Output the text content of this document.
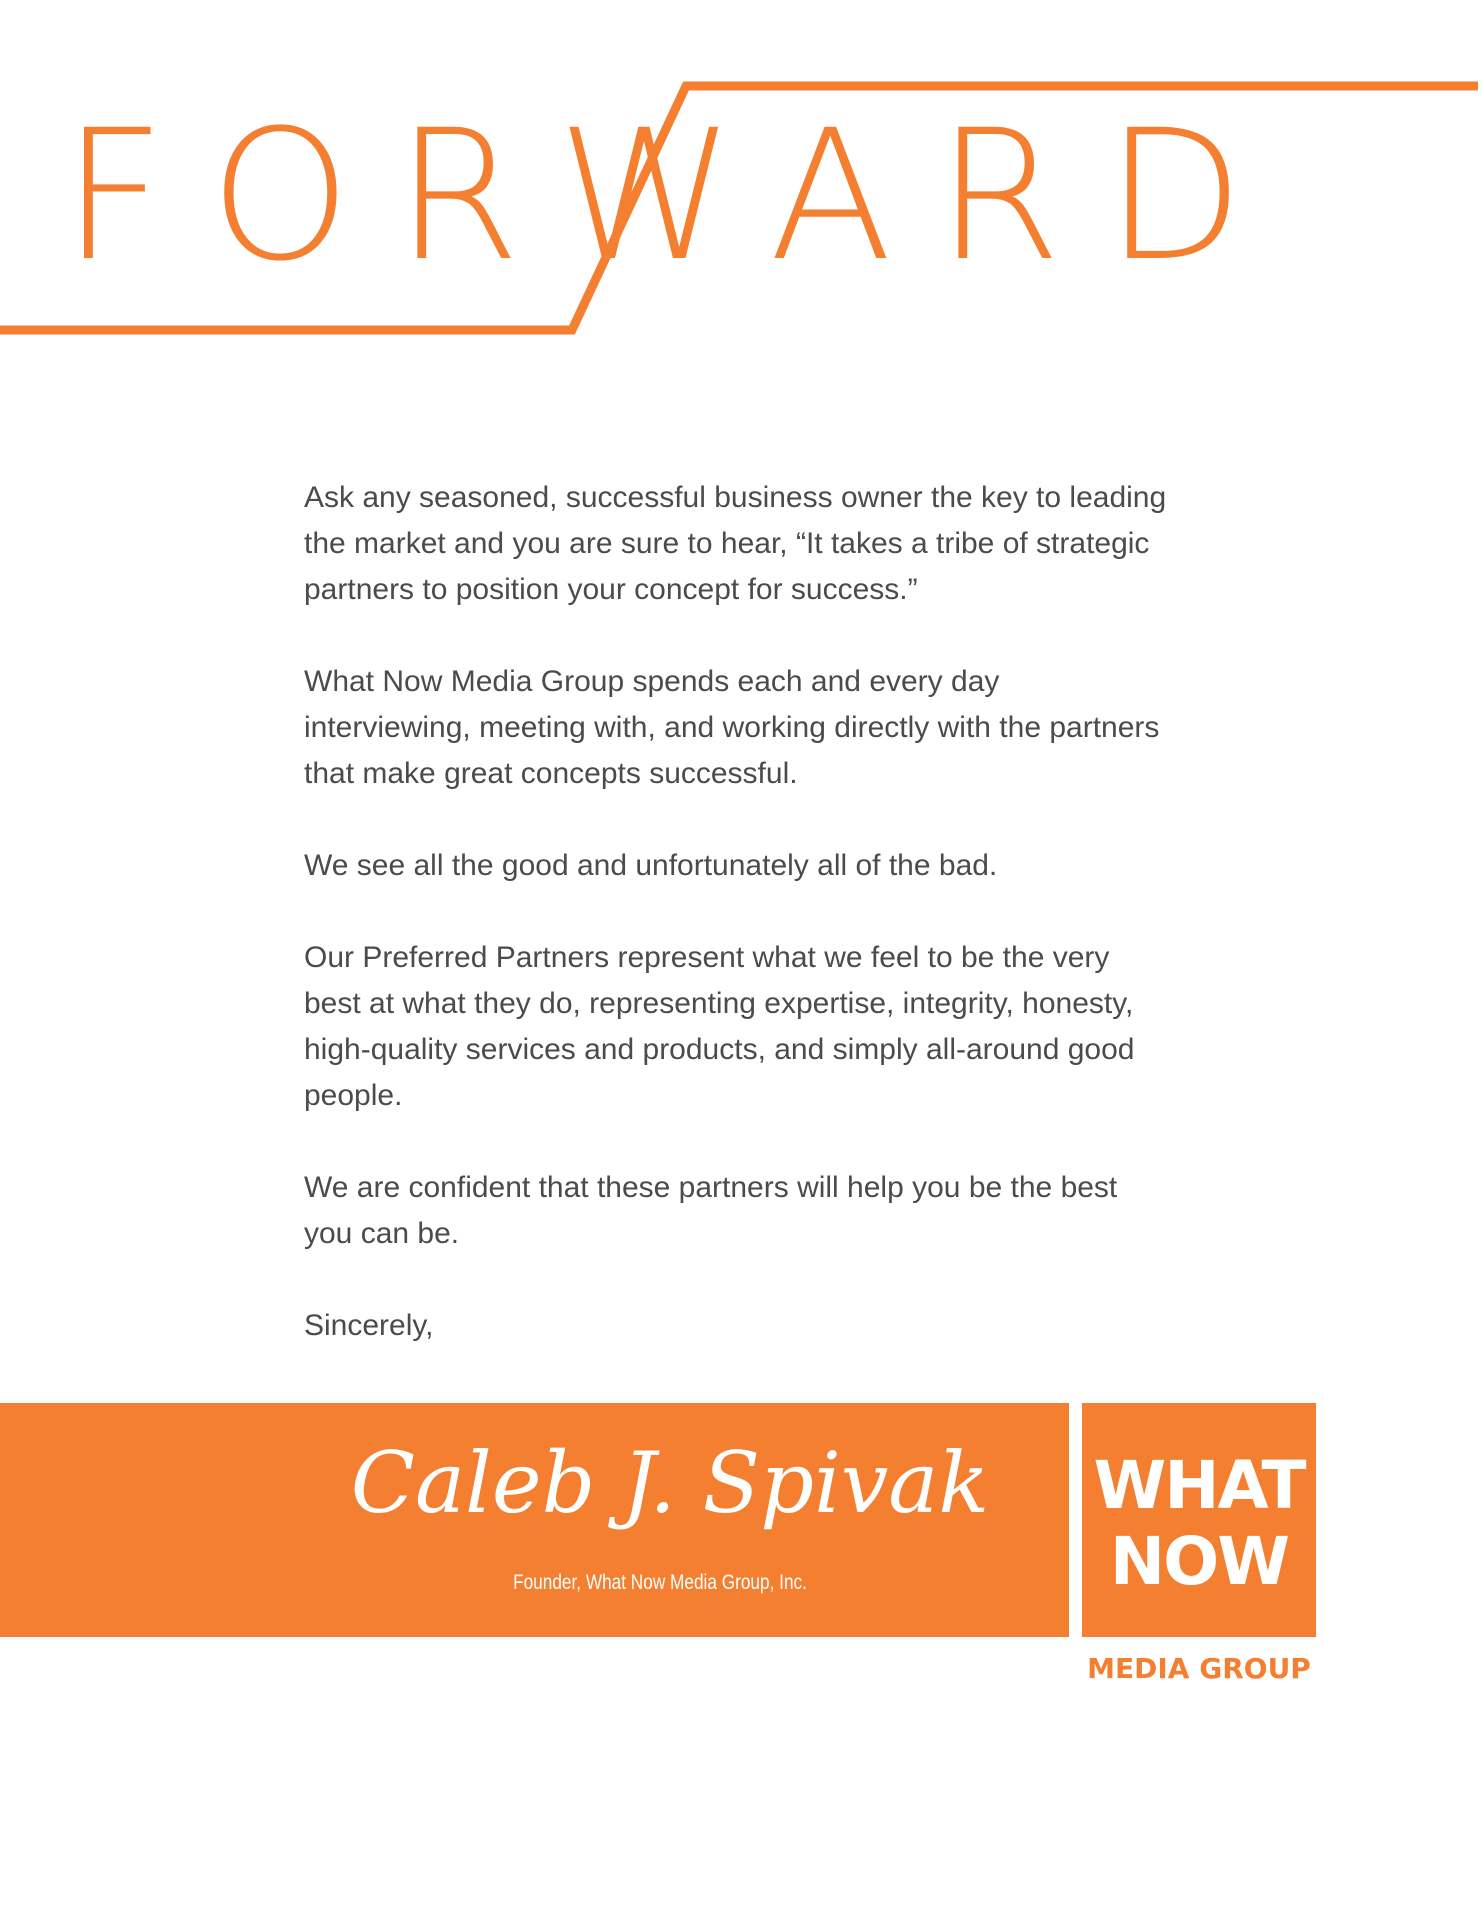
FORWARD

Ask any seasoned, successful business owner the key to leading
the market and you are sure to hear, “It takes a tribe of strategic
partners to position your concept for success.”

What Now Media Group spends each and every day
interviewing, meeting with, and working directly with the partners
that make great concepts successful.

We see all the good and unfortunately all of the bad.

Our Preferred Partners represent what we feel to be the very
best at what they do, representing expertise, integrity, honesty,
high-quality services and products, and simply all-around good
people.

We are confident that these partners will help you be the best
you can be.

Sincerely,

Caleb J. Spivak
Founder, What Now Media Group, Inc.
WHAT
NOW
MEDIA GROUP
